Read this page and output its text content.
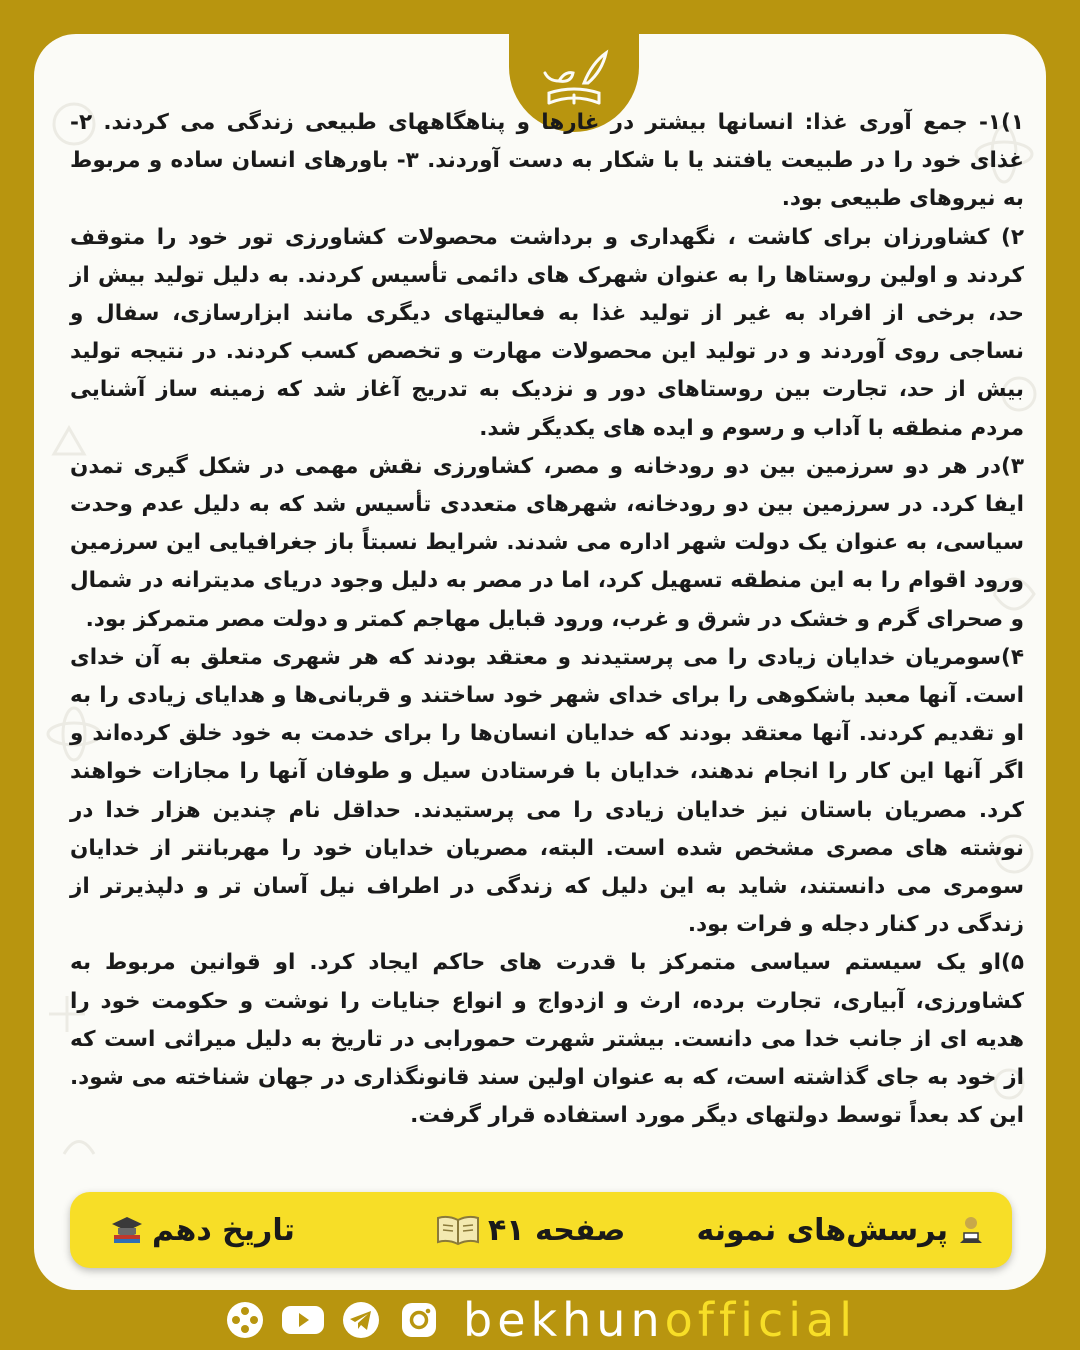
۱)۱- جمع آوری غذا: انسانها بیشتر در غارها و پناهگاههای طبیعی زندگی می کردند. ۲- غذای خود را در طبیعت یافتند یا با شکار به دست آوردند. ۳- باورهای انسان ساده و مربوط به نیروهای طبیعی بود.

۲) کشاورزان برای کاشت ، نگهداری و برداشت محصولات کشاورزی تور خود را متوقف کردند و اولین روستاها را به عنوان شهرک های دائمی تأسیس کردند. به دلیل تولید بیش از حد، برخی از افراد به غیر از تولید غذا به فعالیتهای دیگری مانند ابزارسازی، سفال و نساجی روی آوردند و در تولید این محصولات مهارت و تخصص کسب کردند. در نتیجه تولید بیش از حد، تجارت بین روستاهای دور و نزدیک به تدریج آغاز شد که زمینه ساز آشنایی مردم منطقه با آداب و رسوم و ایده های یکدیگر شد.

۳)در هر دو سرزمین بین دو رودخانه و مصر، کشاورزی نقش مهمی در شکل گیری تمدن ایفا کرد. در سرزمین بین دو رودخانه، شهرهای متعددی تأسیس شد که به دلیل عدم وحدت سیاسی، به عنوان یک دولت شهر اداره می شدند. شرایط نسبتاً باز جغرافیایی این سرزمین ورود اقوام را به این منطقه تسهیل کرد، اما در مصر به دلیل وجود دریای مدیترانه در شمال و صحرای گرم و خشک در شرق و غرب، ورود قبایل مهاجم کمتر و دولت مصر متمرکز بود.

۴)سومریان خدایان زیادی را می پرستیدند و معتقد بودند که هر شهری متعلق به آن خدای است. آنها معبد باشکوهی را برای خدای شهر خود ساختند و قربانی‌ها و هدایای زیادی را به او تقدیم کردند. آنها معتقد بودند که خدایان انسان‌ها را برای خدمت به خود خلق کرده‌اند و اگر آنها این کار را انجام ندهند، خدایان با فرستادن سیل و طوفان آنها را مجازات خواهند کرد. مصریان باستان نیز خدایان زیادی را می پرستیدند. حداقل نام چندین هزار خدا در نوشته های مصری مشخص شده است. البته، مصریان خدایان خود را مهربانتر از خدایان سومری می دانستند، شاید به این دلیل که زندگی در اطراف نیل آسان تر و دلپذیرتر از زندگی در کنار دجله و فرات بود.

۵)او یک سیستم سیاسی متمرکز با قدرت های حاکم ایجاد کرد. او قوانین مربوط به کشاورزی، آبیاری، تجارت برده، ارث و ازدواج و انواع جنایات را نوشت و حکومت خود را هدیه ای از جانب خدا می دانست. بیشتر شهرت حمورابی در تاریخ به دلیل میراثی است که از خود به جای گذاشته است، که به عنوان اولین سند قانونگذاری در جهان شناخته می شود. این کد بعداً توسط دولتهای دیگر مورد استفاده قرار گرفت.

پرسش‌های نمونه
صفحه ۴۱
تاریخ دهم
bekhunofficial
